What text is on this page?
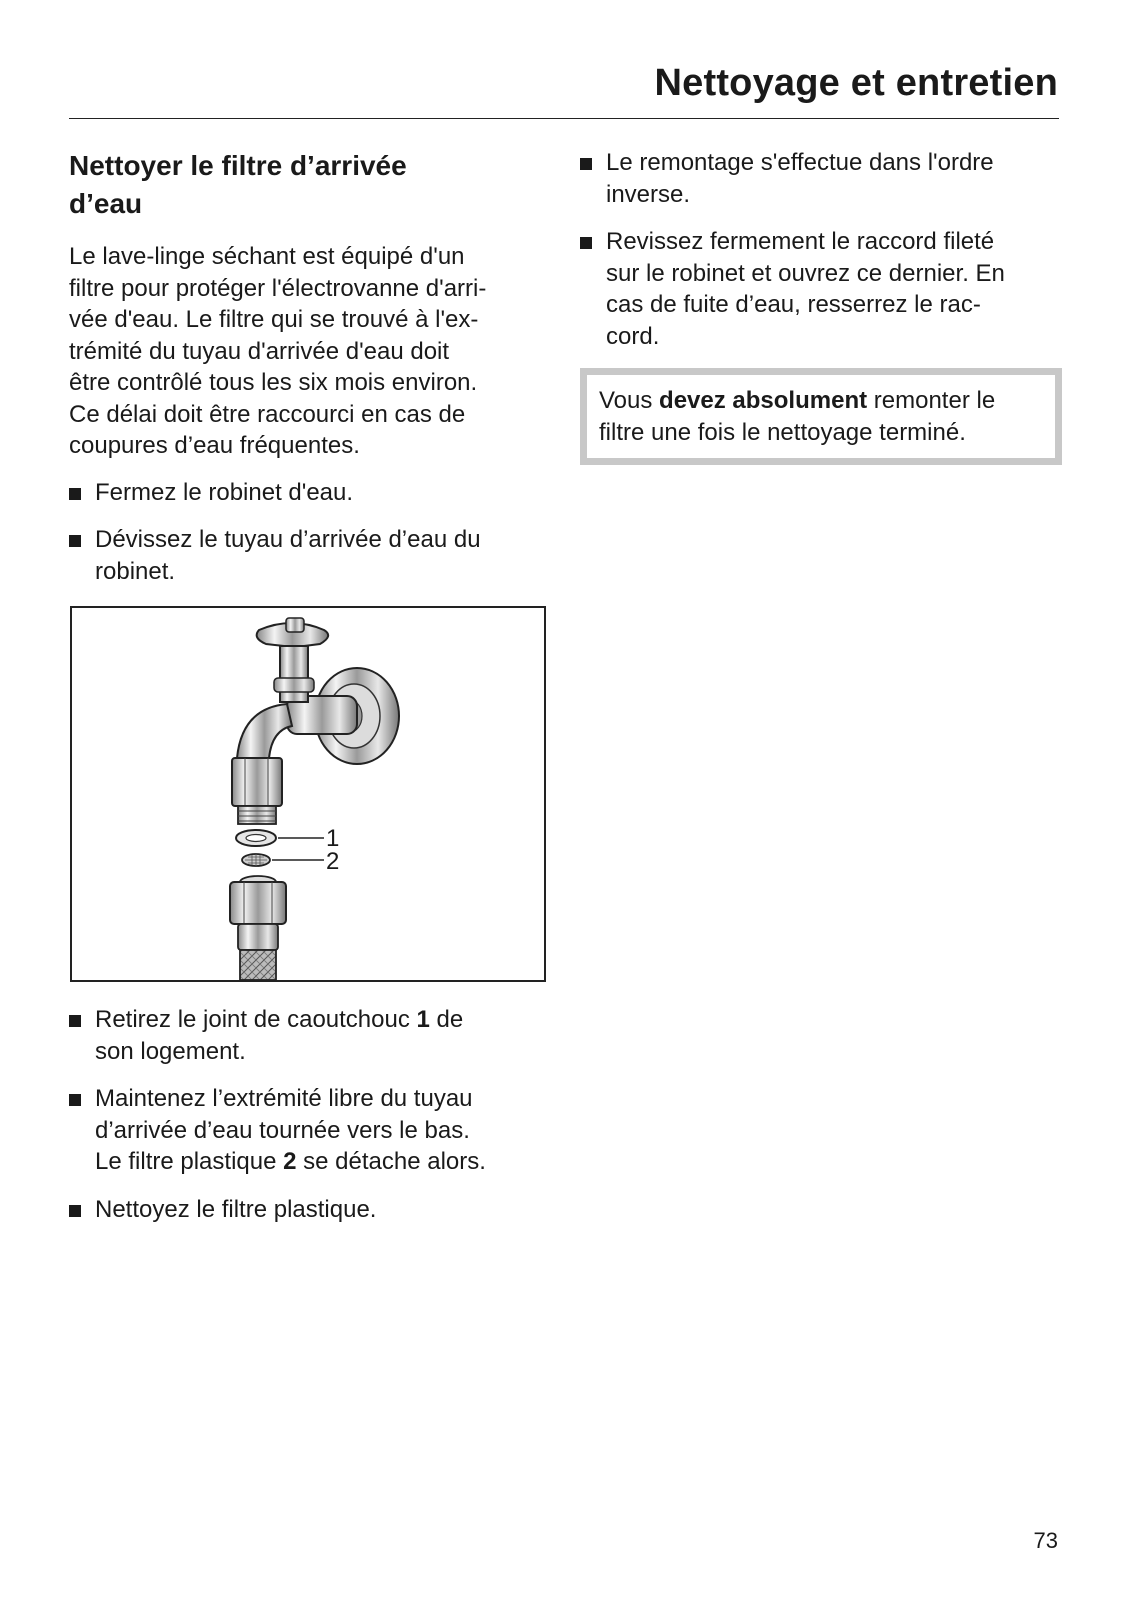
Nettoyage et entretien
Nettoyer le filtre d’arrivée
d’eau

Le lave-linge séchant est équipé d'un
filtre pour protéger l'électrovanne d'arri-
vée d'eau. Le filtre qui se trouvé à l'ex-
trémité du tuyau d'arrivée d'eau doit
être contrôlé tous les six mois environ.
Ce délai doit être raccourci en cas de
coupures d’eau fréquentes.

Fermez le robinet d'eau.
Dévissez le tuyau d’arrivée d’eau du
robinet.
1
2
Retirez le joint de caoutchouc 1 de
son logement.
Maintenez l’extrémité libre du tuyau
d’arrivée d’eau tournée vers le bas.
Le filtre plastique 2 se détache alors.
Nettoyez le filtre plastique.
Le remontage s'effectue dans l'ordre
inverse.
Revissez fermement le raccord fileté
sur le robinet et ouvrez ce dernier. En
cas de fuite d’eau, resserrez le rac-
cord.
Vous devez absolument remonter le
filtre une fois le nettoyage terminé.
73
